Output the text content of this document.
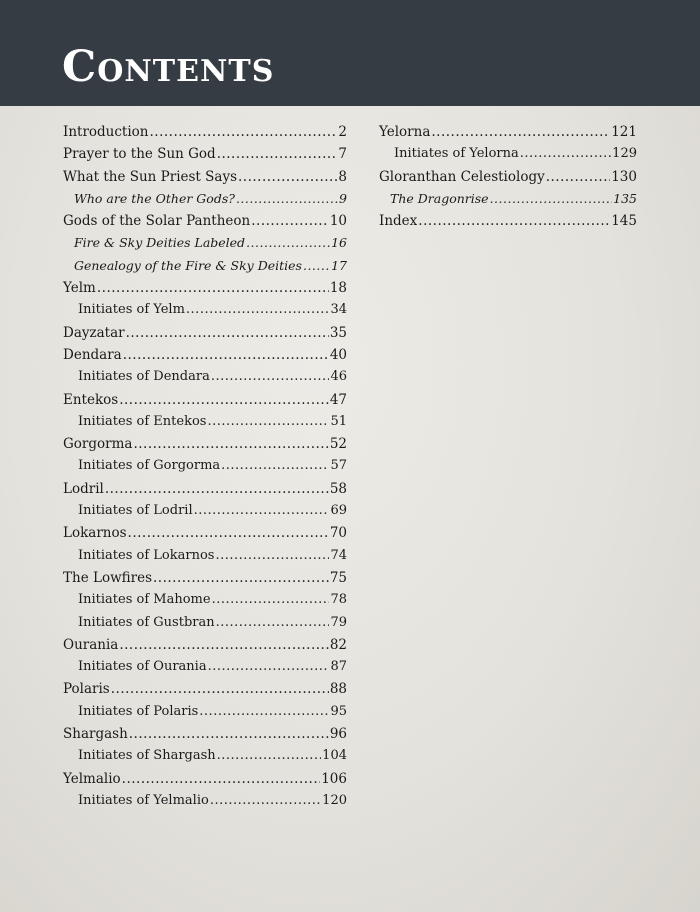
Contents
Introduction .....	2
Prayer to the Sun God .....	7
What the Sun Priest Says .....	8
Who are the Other Gods? .....	9
Gods of the Solar Pantheon .....	10
Fire & Sky Deities Labeled .....	16
Genealogy of the Fire & Sky Deities ..... 17
Yelm .....	18
Initiates of Yelm .....	34
Dayzatar .....	35
Dendara .....	40
Initiates of Dendara .....	46
Entekos .....	47
Initiates of Entekos .....	51
Gorgorma .....	52
Initiates of Gorgorma .....	57
Lodril .....	58
Initiates of Lodril .....	69
Lokarnos .....	70
Initiates of Lokarnos .....	74
The Lowfires .....	75
Initiates of Mahome .....	78
Initiates of Gustbran .....	79
Ourania .....	82
Initiates of Ourania .....	87
Polaris .....	88
Initiates of Polaris .....	95
Shargash .....	96
Initiates of Shargash .....	104
Yelmalio .....	106
Initiates of Yelmalio .....	120
Yelorna .....	121
Initiates of Yelorna .....	129
Gloranthan Celestiology .....	130
The Dragonrise .....	135
Index .....	145
